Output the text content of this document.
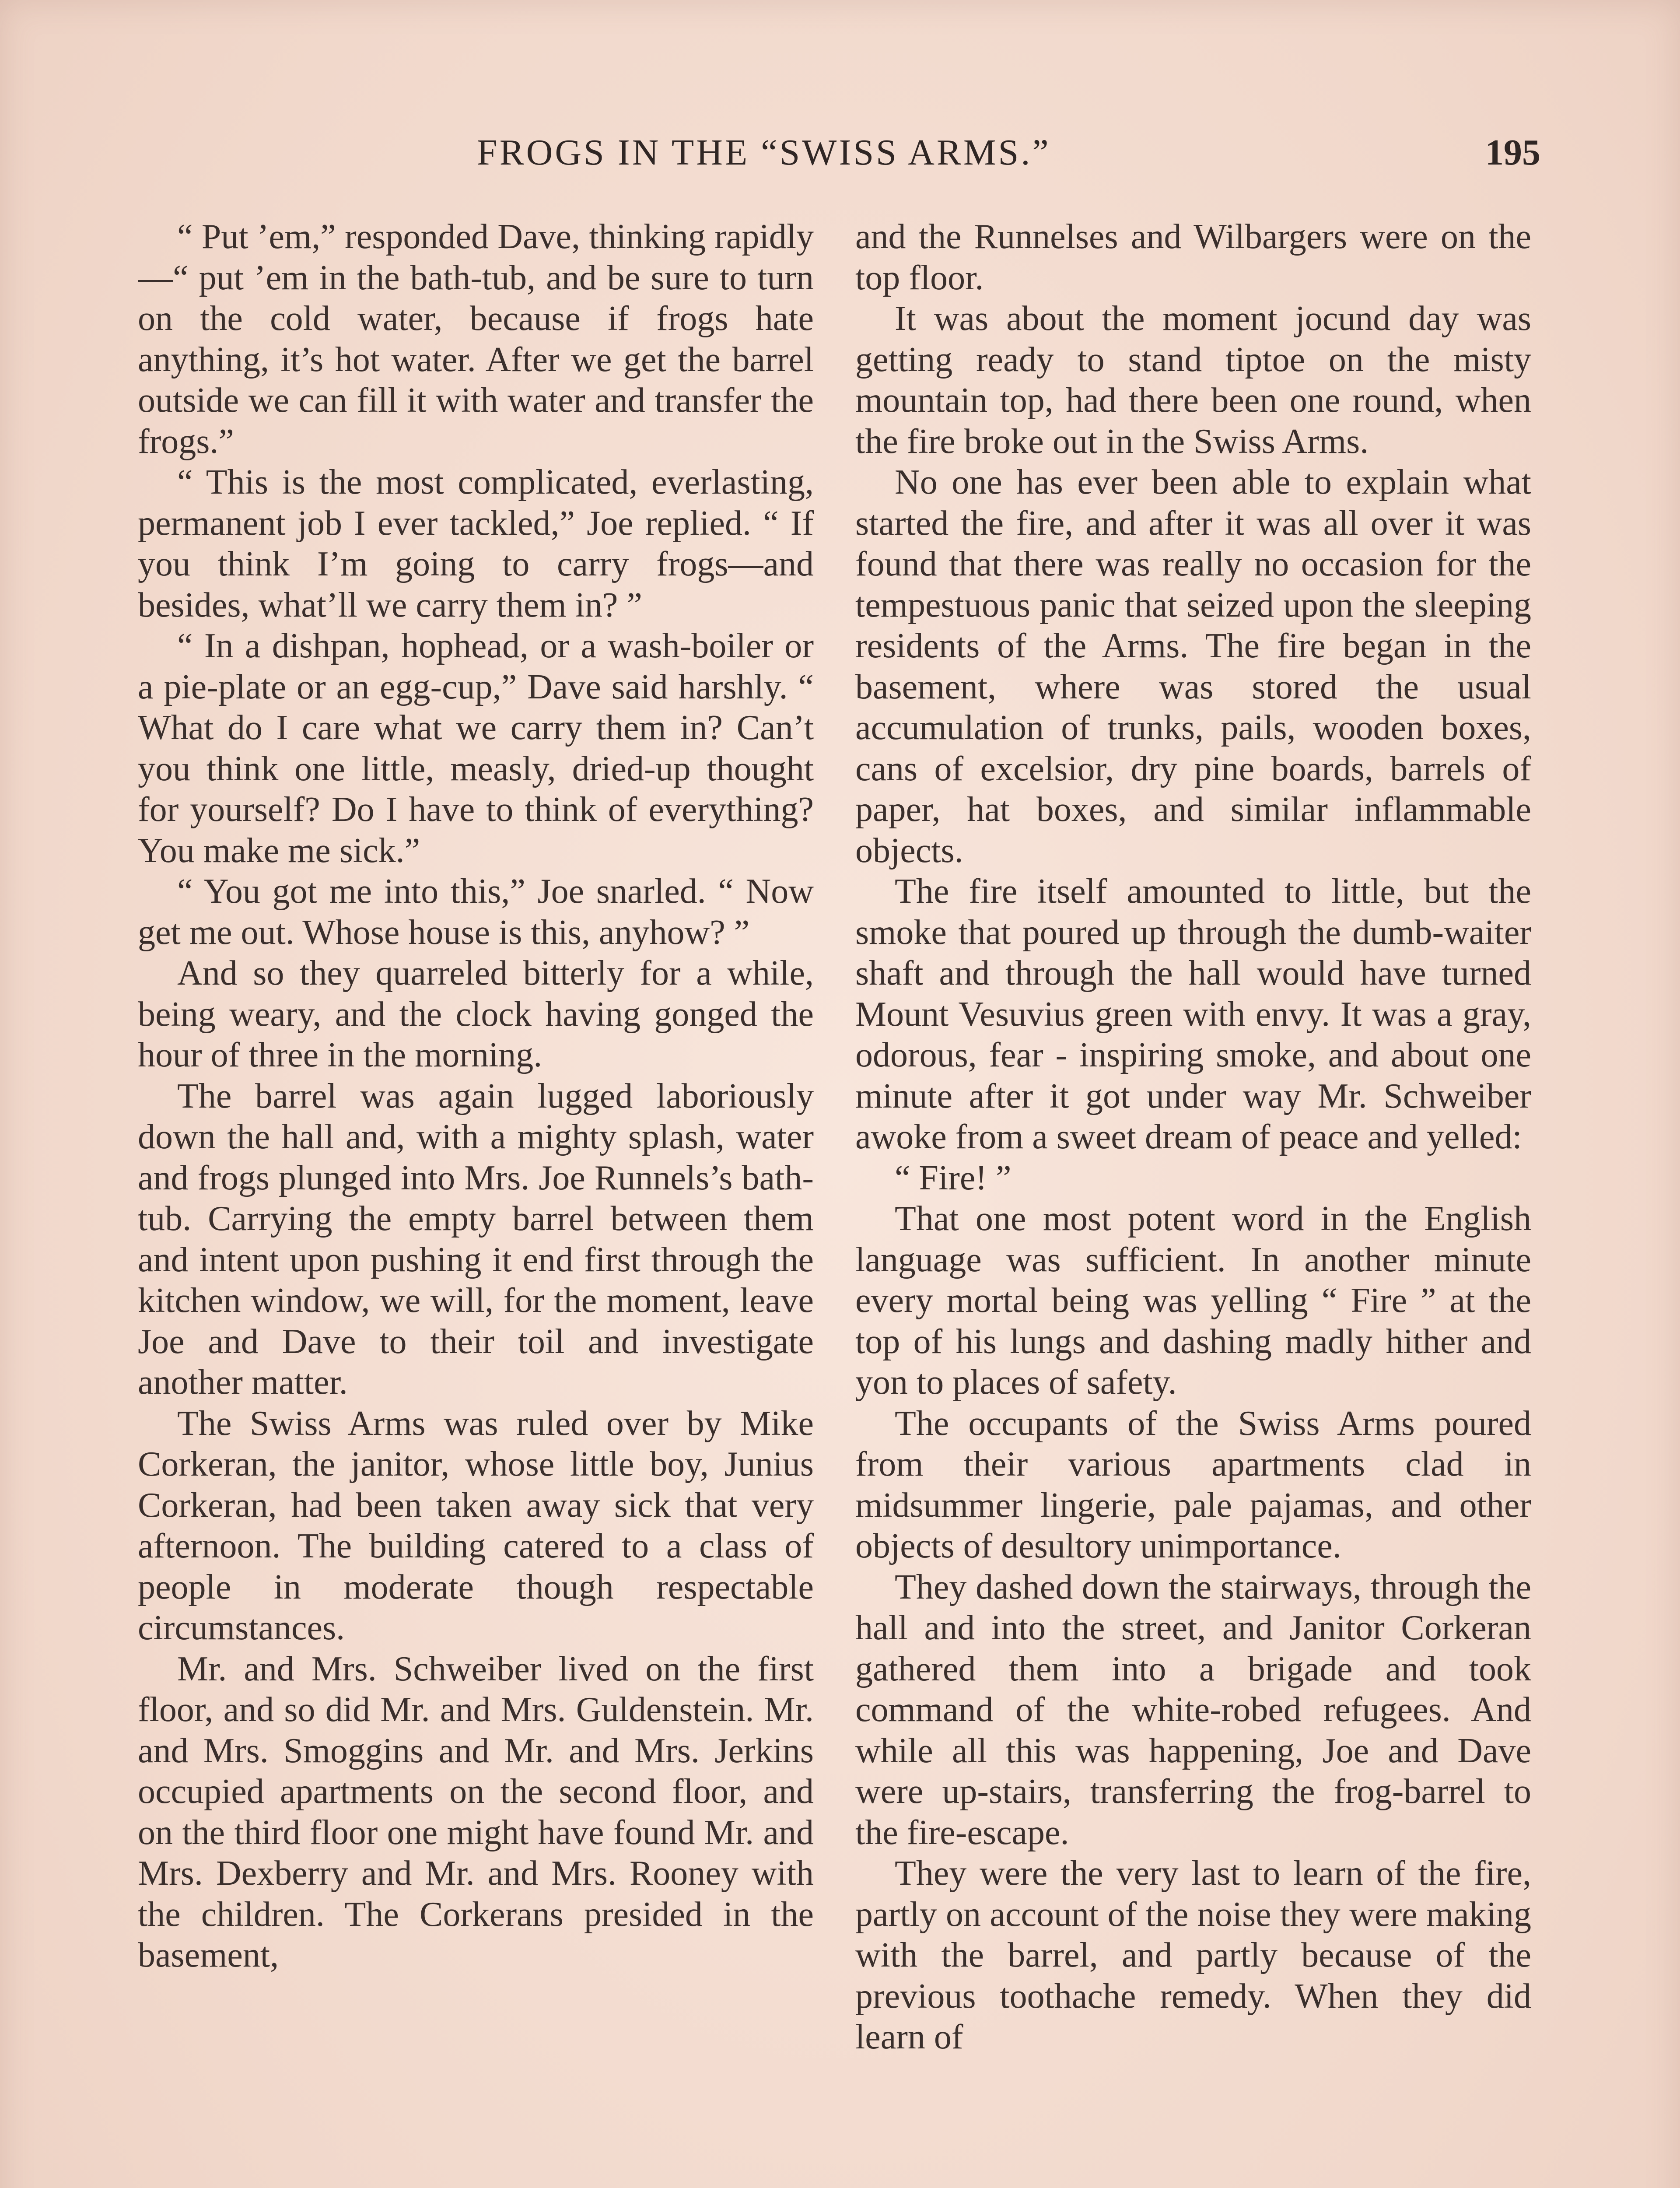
FROGS IN THE “SWISS ARMS.”	195

“ Put ’em,” responded Dave, thinking rapidly—“ put ’em in the bath-tub, and be sure to turn on the cold water, because if frogs hate anything, it’s hot water. After we get the barrel outside we can fill it with water and transfer the frogs.”

“ This is the most complicated, everlasting, permanent job I ever tackled,” Joe replied. “ If you think I’m going to carry frogs—and besides, what’ll we carry them in? ”

“ In a dishpan, hophead, or a wash-boiler or a pie-plate or an egg-cup,” Dave said harshly. “ What do I care what we carry them in? Can’t you think one little, measly, dried-up thought for yourself? Do I have to think of everything? You make me sick.”

“ You got me into this,” Joe snarled. “ Now get me out. Whose house is this, anyhow? ”

And so they quarreled bitterly for a while, being weary, and the clock having gonged the hour of three in the morning.

The barrel was again lugged laboriously down the hall and, with a mighty splash, water and frogs plunged into Mrs. Joe Runnels’s bath-tub. Carrying the empty barrel between them and intent upon pushing it end first through the kitchen window, we will, for the moment, leave Joe and Dave to their toil and investigate another matter.

The Swiss Arms was ruled over by Mike Corkeran, the janitor, whose little boy, Junius Corkeran, had been taken away sick that very afternoon. The building catered to a class of people in moderate though respectable circumstances.

Mr. and Mrs. Schweiber lived on the first floor, and so did Mr. and Mrs. Guldenstein. Mr. and Mrs. Smoggins and Mr. and Mrs. Jerkins occupied apartments on the second floor, and on the third floor one might have found Mr. and Mrs. Dexberry and Mr. and Mrs. Rooney with the children. The Corkerans presided in the basement,

and the Runnelses and Wilbargers were on the top floor.

It was about the moment jocund day was getting ready to stand tiptoe on the misty mountain top, had there been one round, when the fire broke out in the Swiss Arms.

No one has ever been able to explain what started the fire, and after it was all over it was found that there was really no occasion for the tempestuous panic that seized upon the sleeping residents of the Arms. The fire began in the basement, where was stored the usual accumulation of trunks, pails, wooden boxes, cans of excelsior, dry pine boards, barrels of paper, hat boxes, and similar inflammable objects.

The fire itself amounted to little, but the smoke that poured up through the dumb-waiter shaft and through the hall would have turned Mount Vesuvius green with envy. It was a gray, odorous, fear - inspiring smoke, and about one minute after it got under way Mr. Schweiber awoke from a sweet dream of peace and yelled:

“ Fire! ”

That one most potent word in the English language was sufficient. In another minute every mortal being was yelling “ Fire ” at the top of his lungs and dashing madly hither and yon to places of safety.

The occupants of the Swiss Arms poured from their various apartments clad in midsummer lingerie, pale pajamas, and other objects of desultory unimportance.

They dashed down the stairways, through the hall and into the street, and Janitor Corkeran gathered them into a brigade and took command of the white-robed refugees. And while all this was happening, Joe and Dave were up-stairs, transferring the frog-barrel to the fire-escape.

They were the very last to learn of the fire, partly on account of the noise they were making with the barrel, and partly because of the previous toothache remedy. When they did learn of
